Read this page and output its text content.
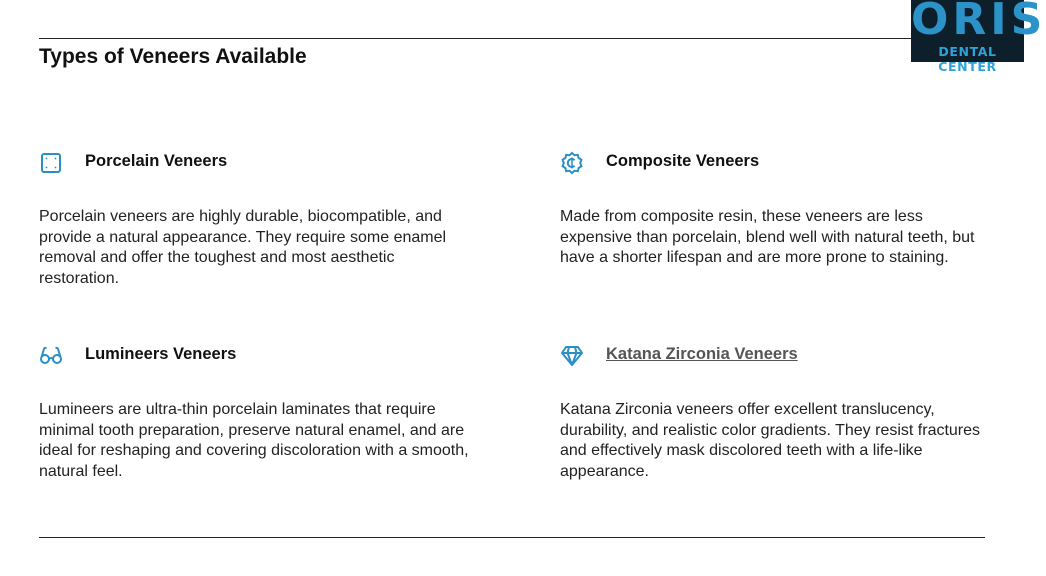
Types of Veneers Available
ORIS
DENTAL CENTER
Porcelain Veneers
Porcelain veneers are highly durable, biocompatible, and provide a natural appearance. They require some enamel removal and offer the toughest and most aesthetic restoration.
Composite Veneers
Made from composite resin, these veneers are less expensive than porcelain, blend well with natural teeth, but have a shorter lifespan and are more prone to staining.
Lumineers Veneers
Lumineers are ultra-thin porcelain laminates that require minimal tooth preparation, preserve natural enamel, and are ideal for reshaping and covering discoloration with a smooth, natural feel.
Katana Zirconia Veneers
Katana Zirconia veneers offer excellent translucency, durability, and realistic color gradients. They resist fractures and effectively mask discolored teeth with a life-like appearance.
